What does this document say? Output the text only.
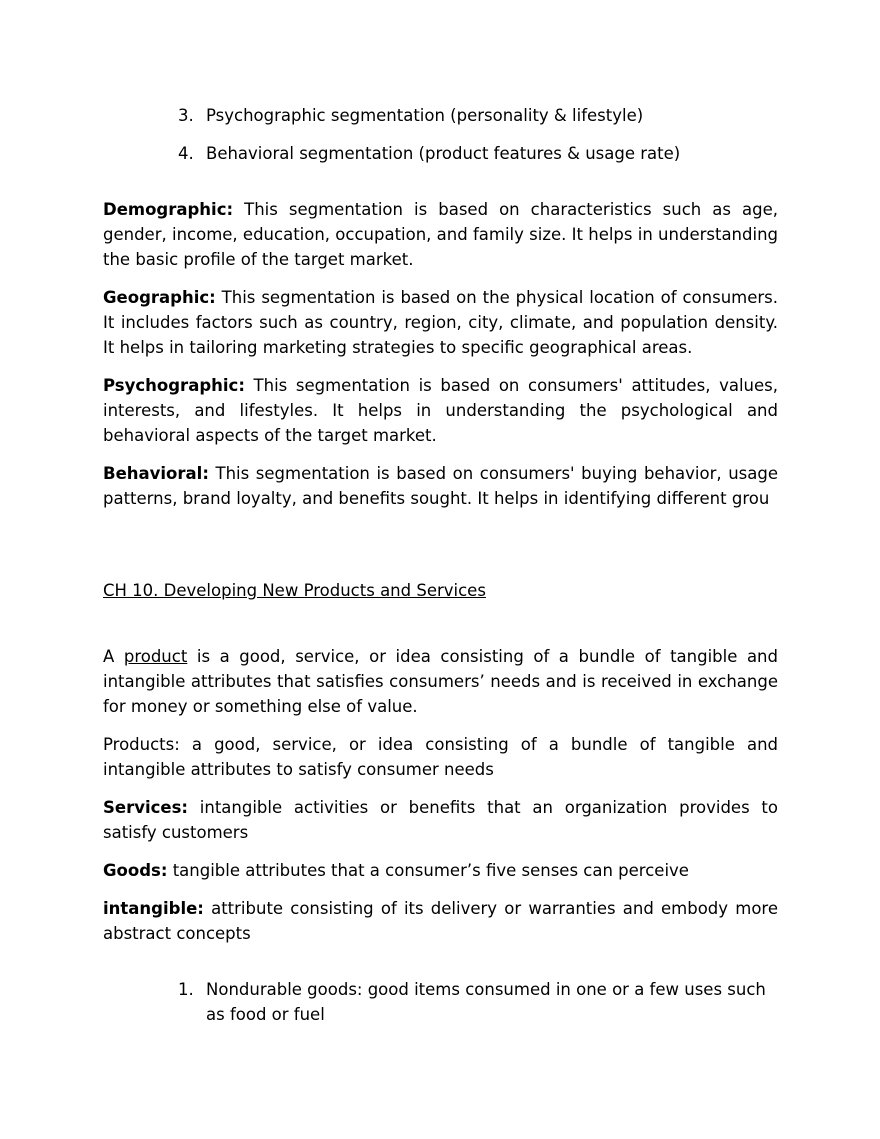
3. Psychographic segmentation (personality & lifestyle)
4. Behavioral segmentation (product features & usage rate)

Demographic: This segmentation is based on characteristics such as age, gender, income, education, occupation, and family size. It helps in understanding the basic profile of the target market.

Geographic: This segmentation is based on the physical location of consumers. It includes factors such as country, region, city, climate, and population density. It helps in tailoring marketing strategies to specific geographical areas.

Psychographic: This segmentation is based on consumers' attitudes, values, interests, and lifestyles. It helps in understanding the psychological and behavioral aspects of the target market.

Behavioral: This segmentation is based on consumers' buying behavior, usage patterns, brand loyalty, and benefits sought. It helps in identifying different grou

CH 10. Developing New Products and Services

A product is a good, service, or idea consisting of a bundle of tangible and intangible attributes that satisfies consumers’ needs and is received in exchange for money or something else of value.

Products: a good, service, or idea consisting of a bundle of tangible and intangible attributes to satisfy consumer needs

Services: intangible activities or benefits that an organization provides to satisfy customers

Goods: tangible attributes that a consumer’s five senses can perceive

intangible: attribute consisting of its delivery or warranties and embody more abstract concepts

1. Nondurable goods: good items consumed in one or a few uses such as food or fuel
